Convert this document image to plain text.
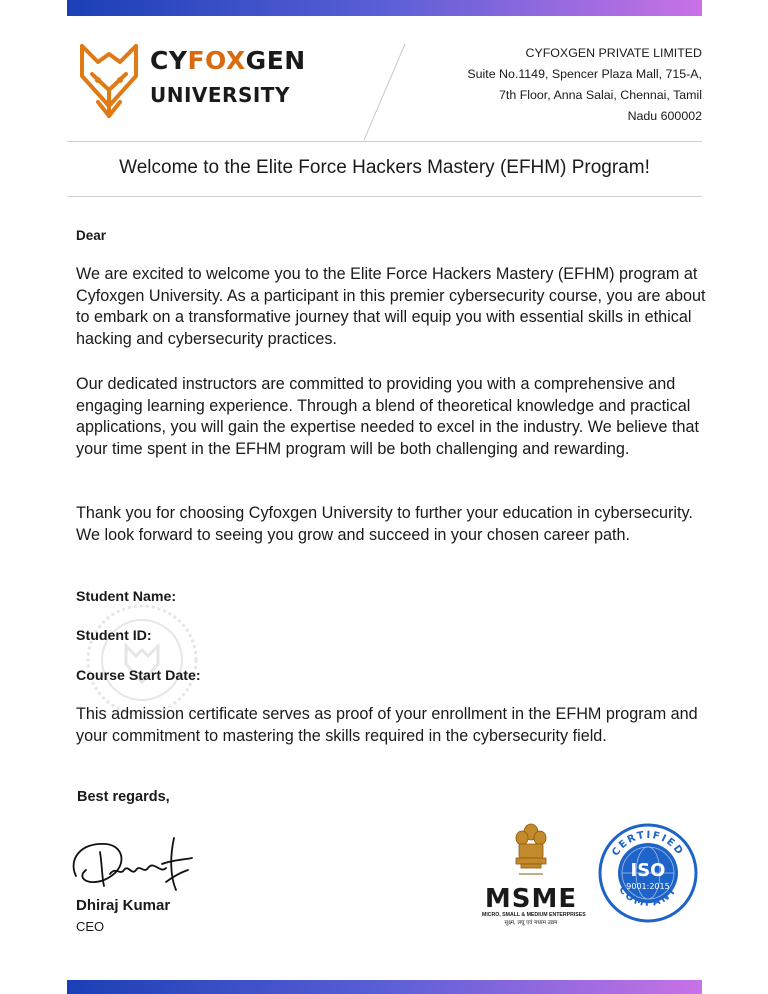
CYFOXGEN
UNIVERSITY
CYFOXGEN PRIVATE LIMITED
Suite No.1149, Spencer Plaza Mall, 715-A,
7th Floor, Anna Salai, Chennai, Tamil
Nadu 600002
Welcome to the Elite Force Hackers Mastery (EFHM) Program!
Dear
We are excited to welcome you to the Elite Force Hackers Mastery (EFHM) program at Cyfoxgen University. As a participant in this premier cybersecurity course, you are about to embark on a transformative journey that will equip you with essential skills in ethical hacking and cybersecurity practices.
Our dedicated instructors are committed to providing you with a comprehensive and engaging learning experience. Through a blend of theoretical knowledge and practical applications, you will gain the expertise needed to excel in the industry. We believe that your time spent in the EFHM program will be both challenging and rewarding.
Thank you for choosing Cyfoxgen University to further your education in cybersecurity. We look forward to seeing you grow and succeed in your chosen career path.
Student Name:
Student ID:
Course Start Date:
This admission certificate serves as proof of your enrollment in the EFHM program and your commitment to mastering the skills required in the cybersecurity field.
Best regards,
Dhiraj Kumar
CEO
MSME
MICRO, SMALL & MEDIUM ENTERPRISES
सूक्ष्म, लघु एवं मध्यम उद्यम
CERTIFIED
COMPANY
ISO
9001:2015
